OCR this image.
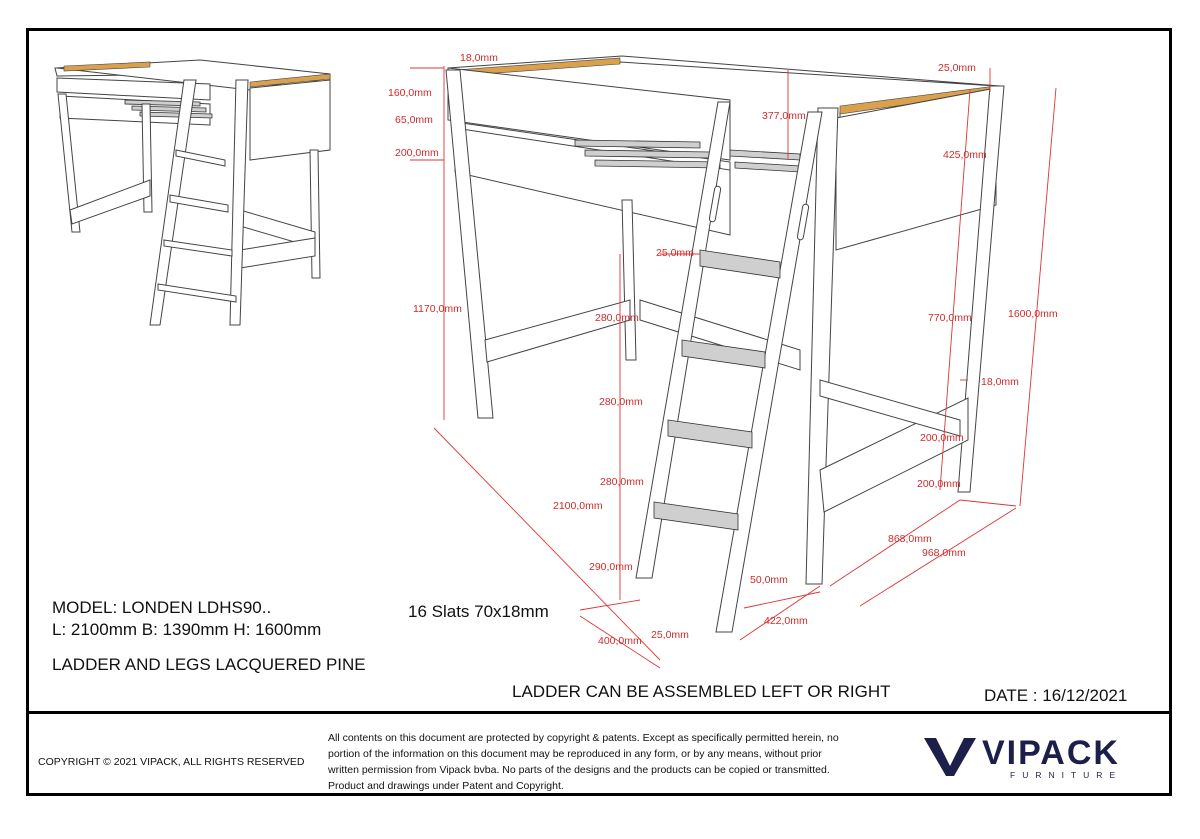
18,0mm
160,0mm
65,0mm
200,0mm
1170,0mm
25,0mm
377,0mm
425,0mm
1600,0mm
770,0mm
25,0mm
280,0mm
280,0mm
280,0mm
290,0mm
2100,0mm
18,0mm
200,0mm
200,0mm
868,0mm
968,0mm
50,0mm
422,0mm
400,0mm 25,0mm
MODEL: LONDEN LDHS90..
L: 2100mm B: 1390mm H: 1600mm
LADDER AND LEGS LACQUERED PINE
16 Slats 70x18mm
LADDER CAN BE ASSEMBLED LEFT OR RIGHT	DATE : 16/12/2021
COPYRIGHT © 2021 VIPACK, ALL RIGHTS RESERVED
All contents on this document are protected by copyright & patents. Except as specifically permitted herein, no portion of the information on this document may be reproduced in any form, or by any means, without prior written permission from Vipack bvba. No parts of the designs and the products can be copied or transmitted. Product and drawings under Patent and Copyright.
VIPACK
FURNITURE
